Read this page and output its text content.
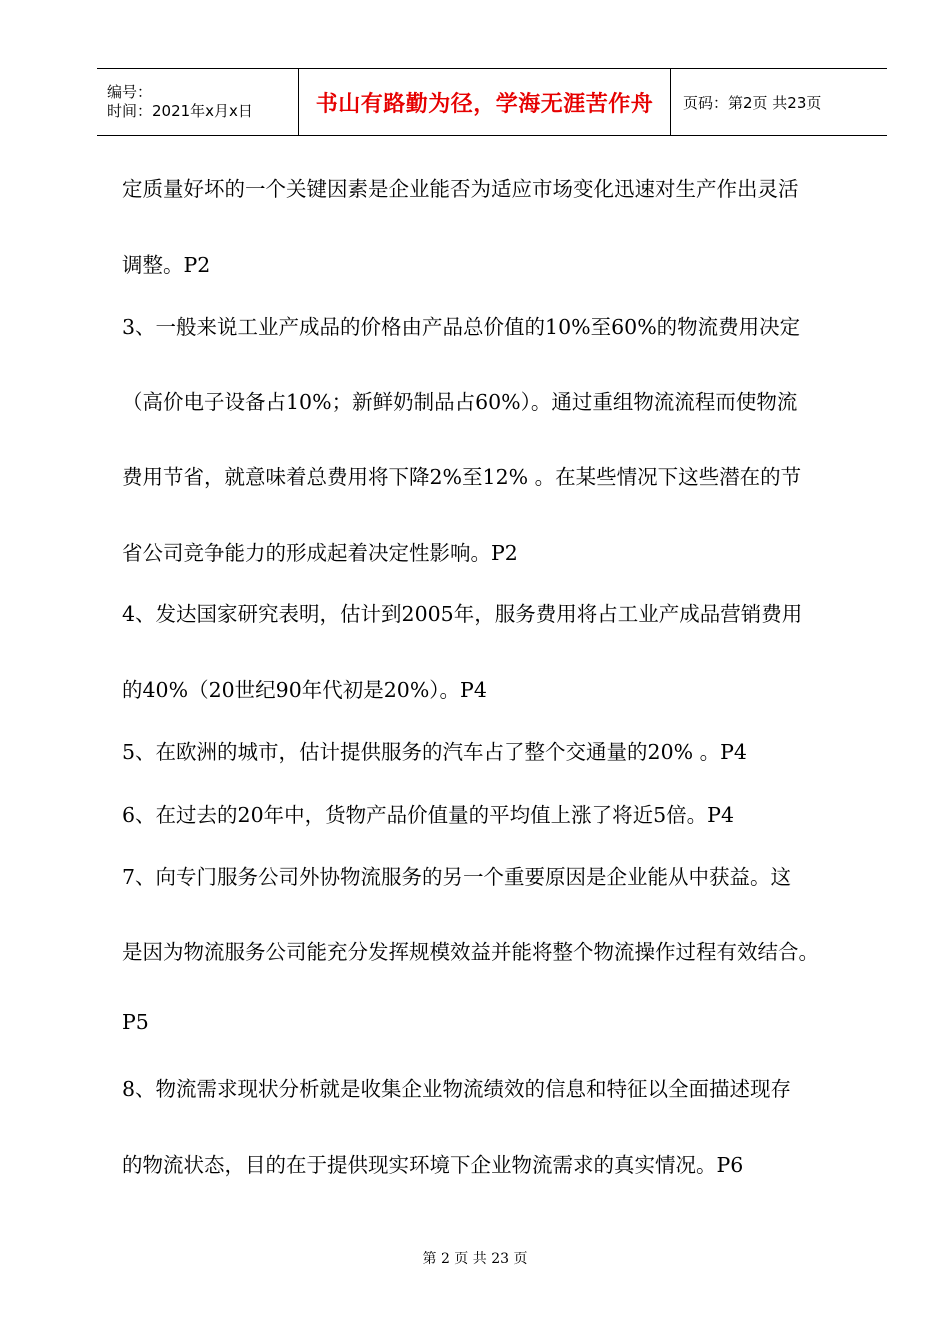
编号：
时间：2021年x月x日	书山有路勤为径，学海无涯苦作舟 页码：第2页 共23页
定质量好坏的一个关键因素是企业能否为适应市场变化迅速对生产作出灵活
调整。P2
3、一般来说工业产成品的价格由产品总价值的10%至60%的物流费用决定
（高价电子设备占10%；新鲜奶制品占60%）。通过重组物流流程而使物流
费用节省，就意味着总费用将下降2%至12% 。在某些情况下这些潜在的节
省公司竞争能力的形成起着决定性影响。P2
4、发达国家研究表明，估计到2005年，服务费用将占工业产成品营销费用
的40%（20世纪90年代初是20%）。P4
5、在欧洲的城市，估计提供服务的汽车占了整个交通量的20% 。P4
6、在过去的20年中，货物产品价值量的平均值上涨了将近5倍。P4
7、向专门服务公司外协物流服务的另一个重要原因是企业能从中获益。这
是因为物流服务公司能充分发挥规模效益并能将整个物流操作过程有效结合。
P5
8、物流需求现状分析就是收集企业物流绩效的信息和特征以全面描述现存
的物流状态，目的在于提供现实环境下企业物流需求的真实情况。P6
第 2 页 共 23 页
